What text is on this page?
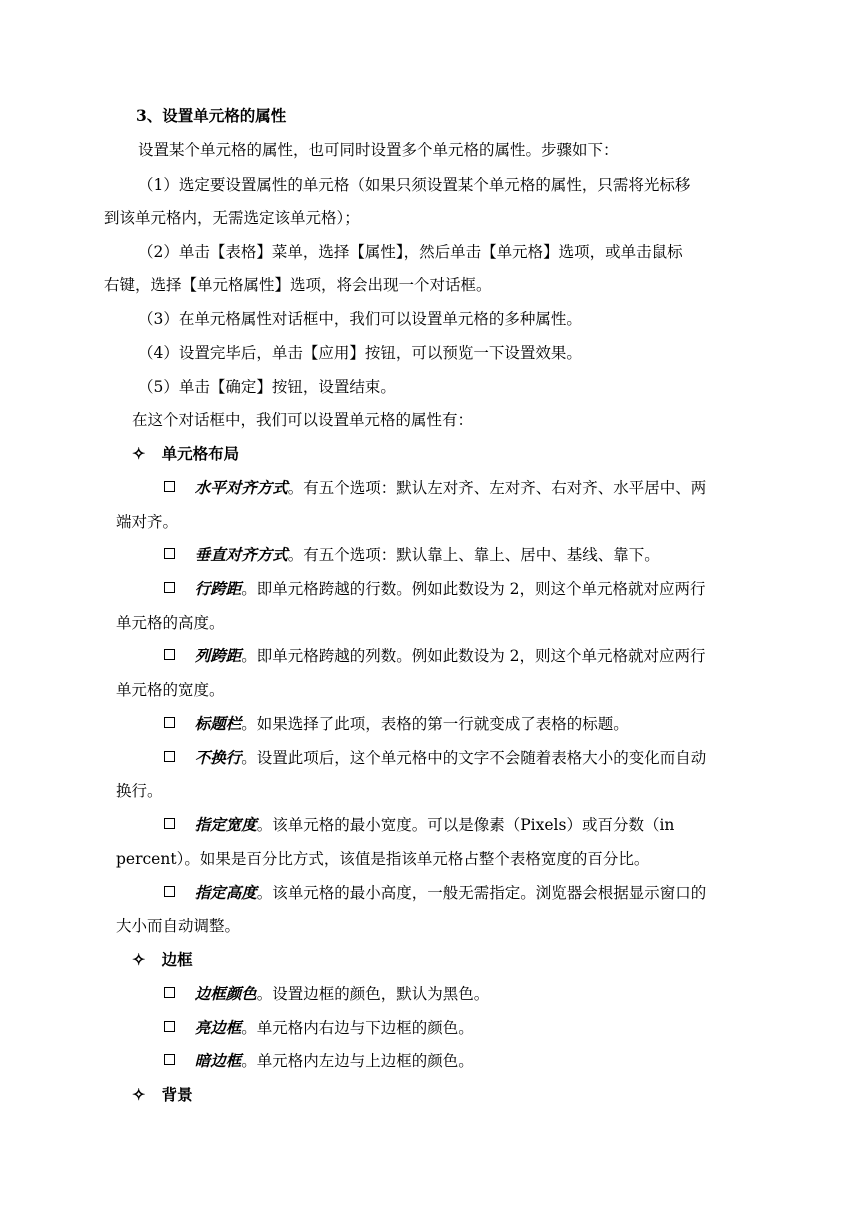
3、设置单元格的属性
设置某个单元格的属性，也可同时设置多个单元格的属性。步骤如下：
（1）选定要设置属性的单元格（如果只须设置某个单元格的属性，只需将光标移
到该单元格内，无需选定该单元格）；
（2）单击【表格】菜单，选择【属性】，然后单击【单元格】选项，或单击鼠标
右键，选择【单元格属性】选项，将会出现一个对话框。
（3）在单元格属性对话框中，我们可以设置单元格的多种属性。
（4）设置完毕后，单击【应用】按钮，可以预览一下设置效果。
（5）单击【确定】按钮，设置结束。
在这个对话框中，我们可以设置单元格的属性有：
✧ 单元格布局
水平对齐方式。有五个选项：默认左对齐、左对齐、右对齐、水平居中、两
端对齐。
垂直对齐方式。有五个选项：默认靠上、靠上、居中、基线、靠下。
行跨距。即单元格跨越的行数。例如此数设为 2，则这个单元格就对应两行
单元格的高度。
列跨距。即单元格跨越的列数。例如此数设为 2，则这个单元格就对应两行
单元格的宽度。
标题栏。如果选择了此项，表格的第一行就变成了表格的标题。
不换行。设置此项后，这个单元格中的文字不会随着表格大小的变化而自动
换行。
指定宽度。该单元格的最小宽度。可以是像素（Pixels）或百分数（in
percent）。如果是百分比方式，该值是指该单元格占整个表格宽度的百分比。
指定高度。该单元格的最小高度，一般无需指定。浏览器会根据显示窗口的
大小而自动调整。
✧ 边框
边框颜色。设置边框的颜色，默认为黑色。
亮边框。单元格内右边与下边框的颜色。
暗边框。单元格内左边与上边框的颜色。
✧ 背景
